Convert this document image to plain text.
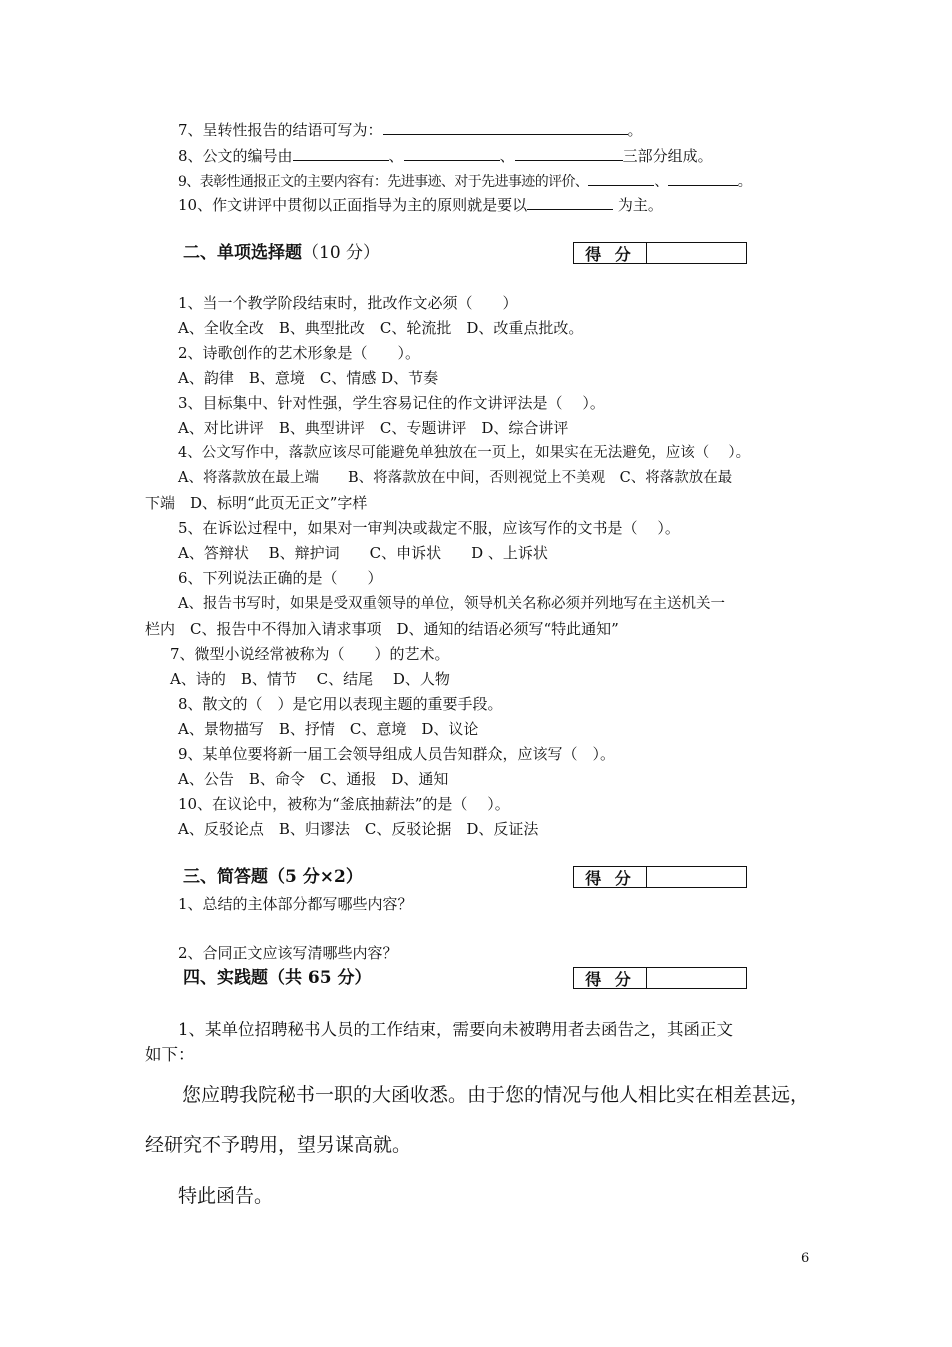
7、呈转性报告的结语可写为：	。
8、公文的编号由	、	、	三部分组成。
9、表彰性通报正文的主要内容有：先进事迹、对于先进事迹的评价、	、	。
10、作文讲评中贯彻以正面指导为主的原则就是要以	为主。
二、单项选择题（10 分）	得 分
1、当一个教学阶段结束时，批改作文必须（　　）
A、全收全改　B、典型批改　C、轮流批　D、改重点批改。
2、诗歌创作的艺术形象是（　　）。
A、韵律　B、意境　C、情感 D、节奏
3、目标集中、针对性强，学生容易记住的作文讲评法是（　 ）。
A、对比讲评　B、典型讲评　C、专题讲评　D、综合讲评
4、公文写作中，落款应该尽可能避免单独放在一页上，如果实在无法避免，应该（　 ）。
A、将落款放在最上端　　B、将落款放在中间，否则视觉上不美观　C、将落款放在最
下端　D、标明“此页无正文”字样
5、在诉讼过程中，如果对一审判决或裁定不服，应该写作的文书是（　 ）。
A、答辩状　 B、辩护词　　C、申诉状　　D 、上诉状
6、下列说法正确的是（　　）
A、报告书写时，如果是受双重领导的单位，领导机关名称必须并列地写在主送机关一
栏内　C、报告中不得加入请求事项　D、通知的结语必须写“特此通知”
7、微型小说经常被称为（　　）的艺术。
A、诗的　B、情节　 C、结尾　 D、人物
8、散文的（　）是它用以表现主题的重要手段。
A、景物描写　B、抒情　C、意境　D、议论
9、某单位要将新一届工会领导组成人员告知群众，应该写（　）。
A、公告　B、命令　C、通报　D、通知
10、在议论中，被称为“釜底抽薪法”的是（　 ）。
A、反驳论点　B、归谬法　C、反驳论据　D、反证法
三、简答题（5 分×2）	得 分
1、总结的主体部分都写哪些内容？
2、合同正文应该写清哪些内容？
四、实践题（共 65 分）	得 分
1、某单位招聘秘书人员的工作结束，需要向未被聘用者去函告之，其函正文
如下：
您应聘我院秘书一职的大函收悉。由于您的情况与他人相比实在相差甚远，
经研究不予聘用，望另谋高就。
特此函告。
6
